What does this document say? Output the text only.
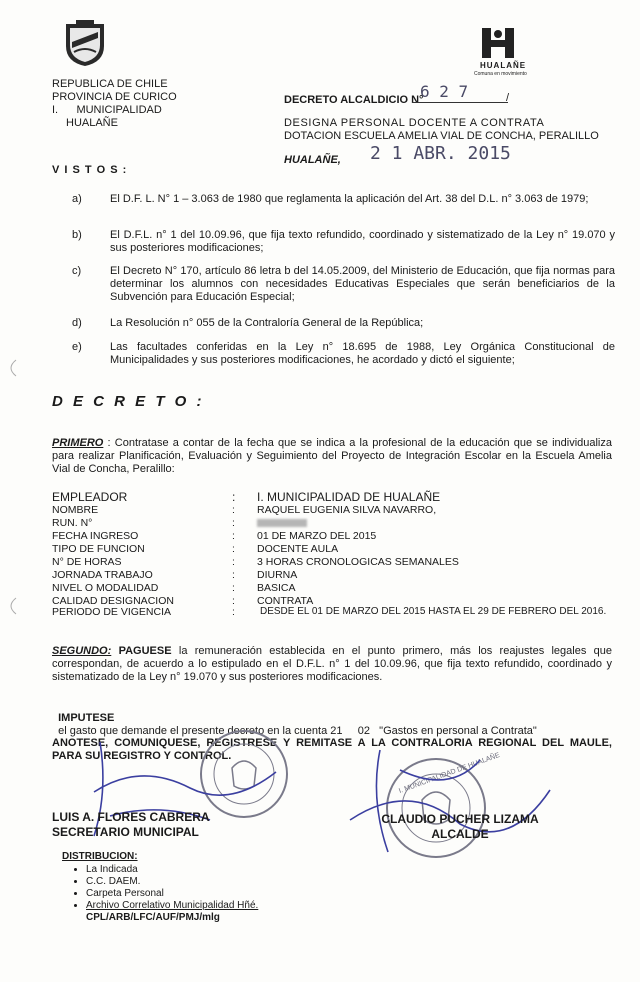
REPUBLICA DE CHILE
PROVINCIA DE CURICO
I.      MUNICIPALIDAD
HUALAÑE
HUALAÑE
Comuna en movimiento
DECRETO ALCALDICIO N°
6 2 7	/
DESIGNA PERSONAL DOCENTE A CONTRATA
DOTACION ESCUELA AMELIA VIAL DE CONCHA, PERALILLO
HUALAÑE, 2 1 ABR. 2015
V I S T O S :
a)	El D.F. L. N° 1 – 3.063 de 1980 que reglamenta la aplicación del Art. 38 del D.L. n° 3.063 de 1979;
b)	El D.F.L. n° 1 del 10.09.96, que fija texto refundido, coordinado y sistematizado de la Ley n° 19.070 y sus posteriores modificaciones;
c)	El Decreto N° 170, artículo 86 letra b del 14.05.2009, del Ministerio de Educación, que fija normas para determinar los alumnos con necesidades Educativas Especiales que serán beneficiarios de la Subvención para Educación Especial;
d)	La Resolución n° 055 de la Contraloría General de la República;
e)	Las facultades conferidas en la Ley n° 18.695 de 1988, Ley Orgánica Constitucional de Municipalidades y sus posteriores modificaciones, he acordado y dictó el siguiente;
D E C R E T O :
PRIMERO : Contratase a contar de la fecha que se indica a la profesional de la educación que se individualiza para realizar Planificación, Evaluación y Seguimiento del Proyecto de Integración Escolar en la Escuela Amelia Vial de Concha, Peralillo:
EMPLEADOR	: I. MUNICIPALIDAD DE HUALAÑE
NOMBRE	: RAQUEL EUGENIA SILVA NAVARRO,
RUN. N°	:
FECHA INGRESO	: 01 DE MARZO DEL 2015
TIPO DE FUNCION	: DOCENTE AULA
N° DE HORAS	: 3 HORAS CRONOLOGICAS SEMANALES
JORNADA TRABAJO	: DIURNA
NIVEL O MODALIDAD	: BASICA
CALIDAD DESIGNACION	: CONTRATA
PERIODO DE VIGENCIA	:	DESDE EL 01 DE MARZO DEL 2015 HASTA EL 29 DE FEBRERO DEL 2016.
SEGUNDO: PAGUESE la remuneración establecida en el punto primero, más los reajustes legales que correspondan, de acuerdo a lo estipulado en el D.F.L. n° 1 del 10.09.96, que fija texto refundido, coordinado y sistematizado de la Ley n° 19.070 y sus posteriores modificaciones.

IMPUTESE
el gasto que demande el presente decreto en la cuenta 21     02   "Gastos en personal a Contrata"

ANOTESE, COMUNIQUESE, REGISTRESE Y REMITASE A LA CONTRALORIA REGIONAL DEL MAULE, PARA SU REGISTRO Y CONTROL.	I. MUNICIPALIDAD DE HUALAÑE
LUIS A. FLORES CABRERA
SECRETARIO MUNICIPAL
CLAUDIO PUCHER LIZAMA
ALCALDE
DISTRIBUCION:
• La Indicada
• C.C. DAEM.
• Carpeta Personal
• Archivo Correlativo Municipalidad Hñé.
CPL/ARB/LFC/AUF/PMJ/mlg
